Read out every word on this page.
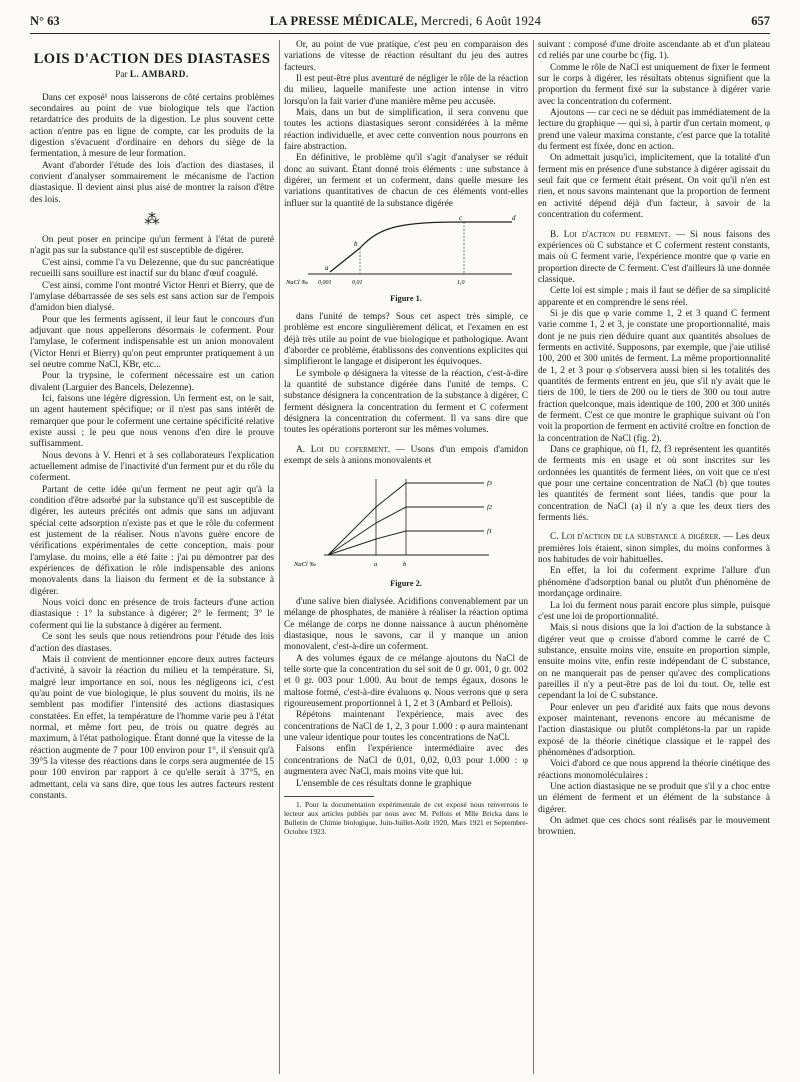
N° 63	LA PRESSE MÉDICALE, Mercredi, 6 Août 1924	657
LOIS D'ACTION DES DIASTASES
Par L. AMBARD.

Dans cet exposé¹ nous laisserons de côté certains problèmes secondaires au point de vue biologique tels que l'action retardatrice des produits de la digestion. Le plus souvent cette action n'entre pas en ligne de compte, car les produits de la digestion s'évacuent d'ordinaire en dehors du siège de la fermentation, à mesure de leur formation.

Avant d'aborder l'étude des lois d'action des diastases, il convient d'analyser sommairement le mécanisme de l'action diastasique. Il devient ainsi plus aisé de montrer la raison d'être des lois.

⁂

On peut poser en principe qu'un ferment à l'état de pureté n'agit pas sur la substance qu'il est susceptible de digérer.

C'est ainsi, comme l'a vu Delezenne, que du suc pancréatique recueilli sans souillure est inactif sur du blanc d'œuf coagulé.

C'est ainsi, comme l'ont montré Victor Henri et Bierry, que de l'amylase débarrassée de ses sels est sans action sur de l'empois d'amidon bien dialysé.

Pour que les ferments agissent, il leur faut le concours d'un adjuvant que nous appellerons désormais le coferment. Pour l'amylase, le coferment indispensable est un anion monovalent (Victor Henri et Bierry) qu'on peut emprunter pratiquement à un sel neutre comme NaCl, KBr, etc...

Pour la trypsine, le coferment nécessaire est un cation divalent (Larguier des Bancels, Delezenne).

Ici, faisons une légère digression. Un ferment est, on le sait, un agent hautement spécifique; or il n'est pas sans intérêt de remarquer que pour le coferment une certaine spécificité relative existe aussi ; le peu que nous venons d'en dire le prouve suffisamment.

Nous devons à V. Henri et à ses collaborateurs l'explication actuellement admise de l'inactivité d'un ferment pur et du rôle du coferment.

Partant de cette idée qu'un ferment ne peut agir qu'à la condition d'être adsorbé par la substance qu'il est susceptible de digérer, les auteurs précités ont admis que sans un adjuvant spécial cette adsorption n'existe pas et que le rôle du coferment est justement de la réaliser. Nous n'avons guère encore de vérifications expérimentales de cette conception, mais pour l'amylase. du moins, elle a été faite : j'ai pu démontrer par des expériences de défixation le rôle indispensable des anions monovalents dans la liaison du ferment et de la substance à digérer.

Nous voici donc en présence de trois facteurs d'une action diastasique : 1° la substance à digérer; 2° le ferment; 3° le coferment qui lie la substance à digérer au ferment.

Ce sont les seuls que nous retiendrons pour l'étude des lois d'action des diastases.

Mais il convient de mentionner encore deux autres facteurs d'activité, à savoir la réaction du milieu et la température. Si, malgré leur importance en soi, nous les négligeons ici, c'est qu'au point de vue biologique, le plus souvent du moins, ils ne semblent pas modifier l'intensité des actions diastasiques constatées. En effet, la température de l'homme varie peu à l'état normal, et même fort peu, de trois ou quatre degrés au maximum, à l'état pathologique. Étant donné que la vitesse de la réaction augmente de 7 pour 100 environ pour 1°, il s'ensuit qu'à 39°5 la vitesse des réactions dans le corps sera augmentée de 15 pour 100 environ par rapport à ce qu'elle serait à 37°5, en admettant, cela va sans dire, que tous les autres facteurs restent constants.

Or, au point de vue pratique, c'est peu en comparaison des variations de vitesse de réaction résultant du jeu des autres facteurs.

Il est peut-être plus aventuré de négliger le rôle de la réaction du milieu, laquelle manifeste une action intense in vitro lorsqu'on la fait varier d'une manière même peu accusée.

Mais, dans un but de simplification, il sera convenu que toutes les actions diastasiques seront considérées à la même réaction individuelle, et avec cette convention nous pourrons en faire abstraction.

En définitive, le problème qu'il s'agit d'analyser se réduit donc au suivant. Étant donné trois éléments : une substance à digérer, un ferment et un coferment, dans quelle mesure les variations quantitatives de chacun de ces éléments vont-elles influer sur la quantité de la substance digérée

a
b
c	d
NaCl ‰ 0,001	0,01	1,0
Figure 1.

dans l'unité de temps? Sous cet aspect très simple, ce problème est encore singulièrement délicat, et l'examen en est déjà très utile au point de vue biologique et pathologique. Avant d'aborder ce problème, établissons des conventions explicites qui simplifieront le langage et disiperont les équivoques.

Le symbole φ désignera la vitesse de la réaction, c'est-à-dire la quantité de substance digérée dans l'unité de temps. C substance désignera la concentration de la substance à digérer, C ferment désignera la concentration du ferment et C coferment désignera la concentration du coferment. Il va sans dire que toutes les opérations porteront sur les mêmes volumes.

A. Loi du coferment. — Usons d'un empois d'amidon exempt de sels à anions monovalents et

f1
f2
f3
NaCl ‰	a	b
Figure 2.

d'une salive bien dialysée. Acidifions convenablement par un mélange de phosphates, de manière à réaliser la réaction optima Ce mélange de corps ne donne naissance à aucun phénomène diastasique, nous le savons, car il y manque un anion monovalent, c'est-à-dire un coferment.

A des volumes égaux de ce mélange ajoutons du NaCl de telle sorte que la concentration du sel soit de 0 gr. 001, 0 gr. 002 et 0 gr. 003 pour 1.000. Au bout de temps égaux, dosons le maltose formé, c'est-à-dire évaluons φ. Nous verrons que φ sera rigoureusement proportionnel à 1, 2 et 3 (Ambard et Pellois).

Répétons maintenant l'expérience, mais avec des concentrations de NaCl de 1, 2, 3 pour 1.000 : φ aura maintenant une valeur identique pour toutes les concentrations de NaCl.

Faisons enfin l'expérience intermédiaire avec des concentrations de NaCl de 0,01, 0,02, 0,03 pour 1.000 : φ augmentera avec NaCl, mais moins vite que lui.

L'ensemble de ces résultats donne le graphique

1. Pour la documentation expérimentale de cet exposé nous renverrons le lecteur aux articles publiés par nous avec M. Pellois et Mlle Bricka dans le Bulletin de Chimie biologique, Juin-Juillet-Août 1920, Mars 1921 et Septembre-Octobre 1923.

suivant : composé d'une droite ascendante ab et d'un plateau cd reliés par une courbe bc (fig. 1).

Comme le rôle de NaCl est uniquement de fixer le ferment sur le corps à digérer, les résultats obtenus signifient que la proportion du ferment fixé sur la substance à digérer varie avec la concentration du coferment.

Ajoutons — car ceci ne se déduit pas immédiatement de la lecture du graphique — qui si, à partir d'un certain moment, φ prend une valeur maxima constante, c'est parce que la totalité du ferment est fixée, donc en action.

On admettait jusqu'ici, implicitement, que la totalité d'un ferment mis en présence d'une substance à digérer agissait du seul fait que ce ferment était présent. On voit qu'il n'en est rien, et nous savons maintenant que la proportion de ferment en activité dépend déjà d'un facteur, à savoir de la concentration du coferment.

B. Loi d'action du ferment. — Si nous faisons des expériences où C substance et C coferment restent constants, mais où C ferment varie, l'expérience montre que φ varie en proportion directe de C ferment. C'est d'ailleurs là une donnée classique.

Cette loi est simple ; mais il faut se défier de sa simplicité apparente et en comprendre le sens réel.

Si je dis que φ varie comme 1, 2 et 3 quand C ferment varie comme 1, 2 et 3, je constate une proportionnalité, mais dont je ne puis rien déduire quant aux quantités absolues de ferments en activité. Supposons, par exemple, que j'aie utilisé 100, 200 et 300 unités de ferment. La même proportionnalité de 1, 2 et 3 pour φ s'observera aussi bien si les totalités des quantités de ferments entrent en jeu, que s'il n'y avait que le tiers de 100, le tiers de 200 ou le tiers de 300 ou tout autre fraction quelconque, mais identique de 100, 200 et 300 unités de ferment. C'est ce que montre le graphique suivant où l'on voit la proportion de ferment en activité croître en fonction de la concentration de NaCl (fig. 2).

Dans ce graphique, où f1, f2, f3 représentent les quantités de ferments mis en usage et où sont inscrites sur les ordonnées les quantités de ferment liées, on voit que ce n'est que pour une certaine concentration de NaCl (b) que toutes les quantités de ferment sont liées, tandis que pour la concentration de NaCl (a) il n'y a que les deux tiers des ferments liés.

C. Loi d'action de la substance a digérer. — Les deux premières lois étaient, sinon simples, du moins conformes à nos habitudes de voir habituelles.

En effet, la loi du coferment exprime l'allure d'un phénomène d'adsorption banal ou plutôt d'un phénomène de mordançage ordinaire.

La loi du ferment nous parait encore plus simple, puisque c'est une loi de proportionnalité.

Mais si nous disions que la loi d'action de la substance à digérer veut que φ croisse d'abord comme le carré de C substance, ensuite moins vite, ensuite en proportion simple, ensuite moins vite, enfin reste indépendant de C substance, on ne manquerait pas de penser qu'avec des complications pareilles il n'y a peut-être pas de loi du tout. Or, telle est cependant la loi de C substance.

Pour enlever un peu d'aridité aux faits que nous devons exposer maintenant, revenons encore au mécanisme de l'action diastasique ou plutôt complétons-la par un rapide exposé de la théorie cinétique classique et le rappel des phénomènes d'adsorption.

Voici d'abord ce que nous apprend la théorie cinétique des réactions monomoléculaires :

Une action diastasique ne se produit que s'il y a choc entre un élément de ferment et un élément de la substance à digérer.

On admet que ces chocs sont réalisés par le mouvement brownien.
